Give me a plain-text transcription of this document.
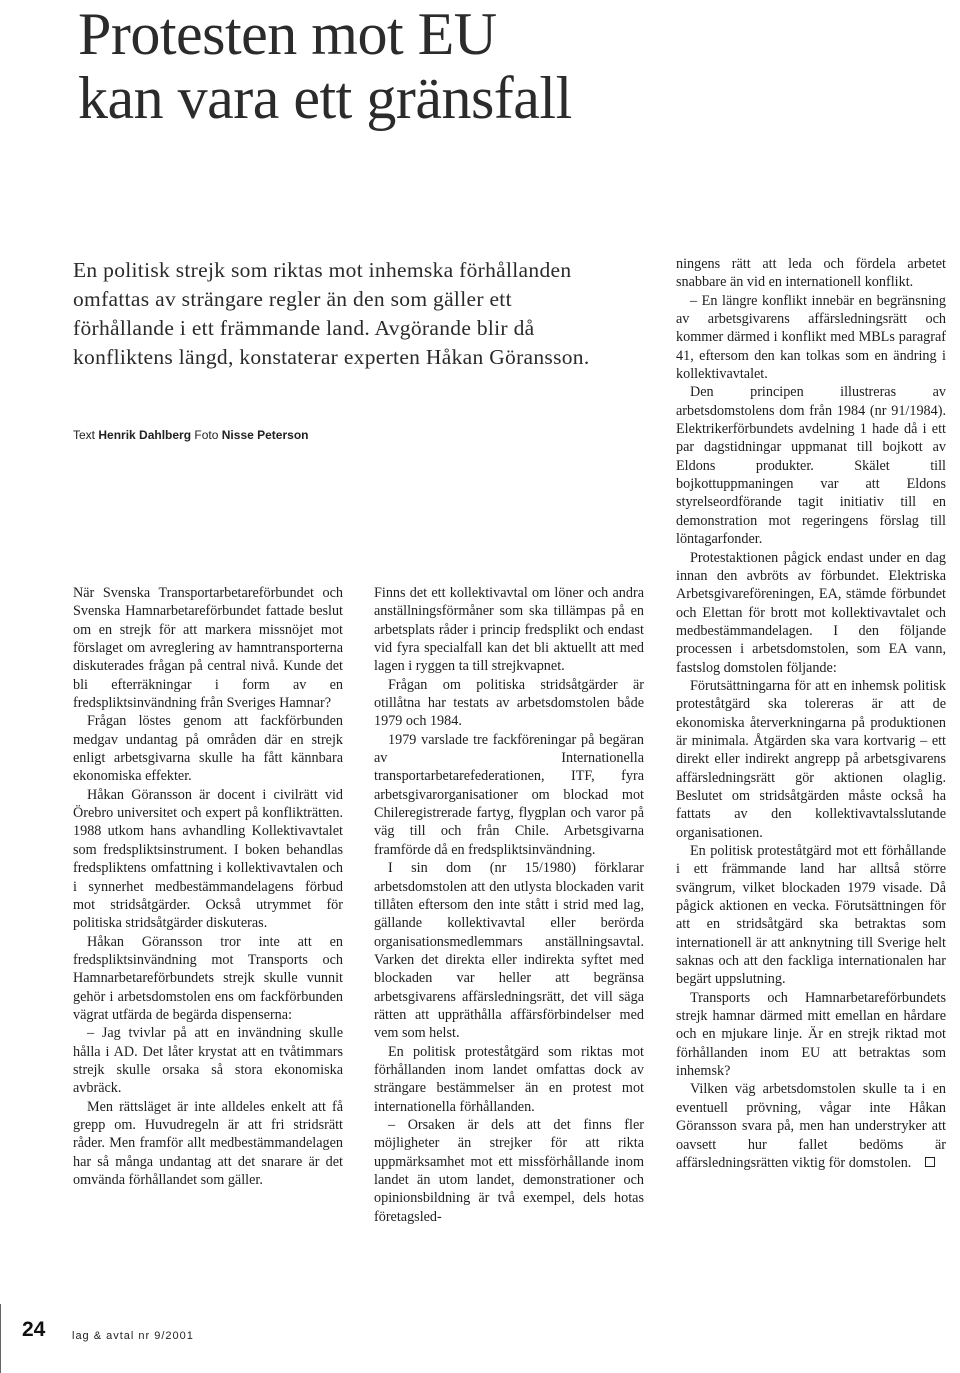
Protesten mot EU
kan vara ett gränsfall

En politisk strejk som riktas mot inhemska förhållanden omfattas av strängare regler än den som gäller ett förhållande i ett främmande land. Avgörande blir då konfliktens längd, konstaterar experten Håkan Göransson.

Text Henrik Dahlberg Foto Nisse Peterson

När Svenska Transportarbetareförbundet och Svenska Hamnarbetareförbundet fattade beslut om en strejk för att markera missnöjet mot förslaget om avreglering av hamntransporterna diskuterades frågan på central nivå. Kunde det bli efterräkningar i form av en fredspliktsinvändning från Sveriges Hamnar?

Frågan löstes genom att fackförbunden medgav undantag på områden där en strejk enligt arbetsgivarna skulle ha fått kännbara ekonomiska effekter.

Håkan Göransson är docent i civilrätt vid Örebro universitet och expert på konflikträtten. 1988 utkom hans avhandling Kollektivavtalet som fredspliktsinstrument. I boken behandlas fredspliktens omfattning i kollektivavtalen och i synnerhet medbestämmandelagens förbud mot stridsåtgärder. Också utrymmet för politiska stridsåtgärder diskuteras.

Håkan Göransson tror inte att en fredspliktsinvändning mot Transports och Hamnarbetareförbundets strejk skulle vunnit gehör i arbetsdomstolen ens om fackförbunden vägrat utfärda de begärda dispenserna:

– Jag tvivlar på att en invändning skulle hålla i AD. Det låter krystat att en tvåtimmars strejk skulle orsaka så stora ekonomiska avbräck.

Men rättsläget är inte alldeles enkelt att få grepp om. Huvudregeln är att fri stridsrätt råder. Men framför allt medbestämmandelagen har så många undantag att det snarare är det omvända förhållandet som gäller.

Finns det ett kollektivavtal om löner och andra anställningsförmåner som ska tillämpas på en arbetsplats råder i princip fredsplikt och endast vid fyra specialfall kan det bli aktuellt att med lagen i ryggen ta till strejkvapnet.

Frågan om politiska stridsåtgärder är otillåtna har testats av arbetsdomstolen både 1979 och 1984.

1979 varslade tre fackföreningar på begäran av Internationella transportarbetarefederationen, ITF, fyra arbetsgivarorganisationer om blockad mot Chileregistrerade fartyg, flygplan och varor på väg till och från Chile. Arbetsgivarna framförde då en fredspliktsinvändning.

I sin dom (nr 15/1980) förklarar arbetsdomstolen att den utlysta blockaden varit tillåten eftersom den inte stått i strid med lag, gällande kollektivavtal eller berörda organisationsmedlemmars anställningsavtal. Varken det direkta eller indirekta syftet med blockaden var heller att begränsa arbetsgivarens affärsledningsrätt, det vill säga rätten att uppräthålla affärsförbindelser med vem som helst.

En politisk proteståtgärd som riktas mot förhållanden inom landet omfattas dock av strängare bestämmelser än en protest mot internationella förhållanden.

– Orsaken är dels att det finns fler möjligheter än strejker för att rikta uppmärksamhet mot ett missförhållande inom landet än utom landet, demonstrationer och opinionsbildning är två exempel, dels hotas företagsled-

ningens rätt att leda och fördela arbetet snabbare än vid en internationell konflikt.

– En längre konflikt innebär en begränsning av arbetsgivarens affärsledningsrätt och kommer därmed i konflikt med MBLs paragraf 41, eftersom den kan tolkas som en ändring i kollektivavtalet.

Den principen illustreras av arbetsdomstolens dom från 1984 (nr 91/1984). Elektrikerförbundets avdelning 1 hade då i ett par dagstidningar uppmanat till bojkott av Eldons produkter. Skälet till bojkottuppmaningen var att Eldons styrelseordförande tagit initiativ till en demonstration mot regeringens förslag till löntagarfonder.

Protestaktionen pågick endast under en dag innan den avbröts av förbundet. Elektriska Arbetsgivareföreningen, EA, stämde förbundet och Elettan för brott mot kollektivavtalet och medbestämmandelagen. I den följande processen i arbetsdomstolen, som EA vann, fastslog domstolen följande:

Förutsättningarna för att en inhemsk politisk proteståtgärd ska tolereras är att de ekonomiska återverkningarna på produktionen är minimala. Åtgärden ska vara kortvarig – ett direkt eller indirekt angrepp på arbetsgivarens affärsledningsrätt gör aktionen olaglig. Beslutet om stridsåtgärden måste också ha fattats av den kollektivavtalsslutande organisationen.

En politisk proteståtgärd mot ett förhållande i ett främmande land har alltså större svängrum, vilket blockaden 1979 visade. Då pågick aktionen en vecka. Förutsättningen för att en stridsåtgärd ska betraktas som internationell är att anknytning till Sverige helt saknas och att den fackliga internationalen har begärt uppslutning.

Transports och Hamnarbetareförbundets strejk hamnar därmed mitt emellan en hårdare och en mjukare linje. Är en strejk riktad mot förhållanden inom EU att betraktas som inhemsk?

Vilken väg arbetsdomstolen skulle ta i en eventuell prövning, vågar inte Håkan Göransson svara på, men han understryker att oavsett hur fallet bedöms är affärsledningsrätten viktig för domstolen.

24 lag & avtal nr 9/2001
